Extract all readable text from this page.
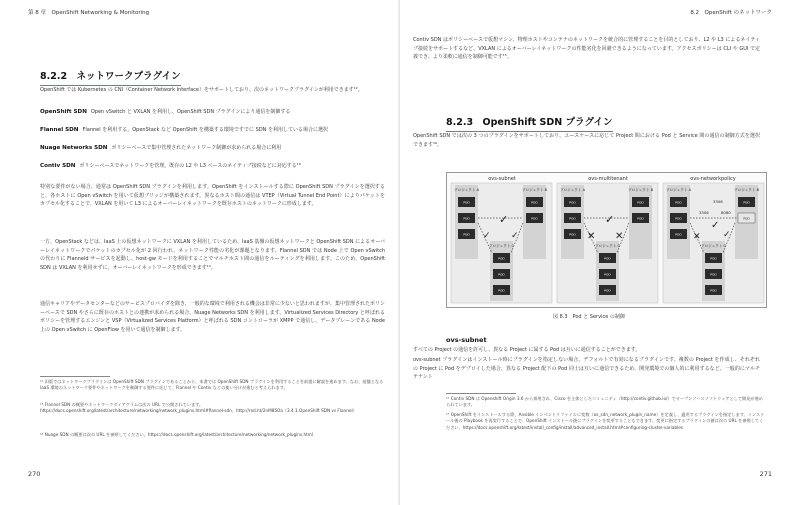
第 8 章　OpenShift Networking & Monitoring
8.2.2　ネットワークプラグイン
OpenShift では Kubernetes の CNI（Container Network Interface）をサポートしており、次のネットワークプラグインが利用できます¹²。
OpenShift SDN Open vSwitch と VXLAN を利用し、OpenShift SDN プラグインにより通信を制御する
Flannel SDN Flannel を利用する。OpenStack など OpenShift を構築する環境ですでに SDN を利用している場合に選択
Nuage Networks SDN ポリシーベースで集中管理されたネットワーク制御が求められる場合に利用
Contiv SDN ポリシーベースでネットワークを管理。既存の L2 や L3 ベースのネイティブ接続などに対応する¹³
特別な要件がない場合、通常は OpenShift SDN プラグインを利用します。OpenShift をインストールする際に OpenShift SDN プラグインを選択すると、各ホストに Open vSwitch を用いて仮想ブリッジが構築されます。異なるホスト間の通信は VTEP（Virtual Tunnel End Point）によりパケットをカプセル化することで、VXLAN を用いて L3 によるオーバーレイネットワークを既存ホストのネットワークに形成します。
一方、OpenStack などは、IaaS 上の仮想ネットワークに VXLAN を利用しているため、IaaS 基盤の仮想ネットワークと OpenShift SDN によるオーバーレイネットワークでパケットのカプセル化が 2 回行われ、ネットワーク性能の劣化が課題となります。Flannel SDN では Node 上で Open vSwitch の代わりに Flanneld サービスを起動し、host-gw モードを利用することでマルチホスト間の通信をルーティングを利用します。このため、OpenShift SDN は VXLAN を利用せずに、オーバーレイネットワークを形成できます¹⁴。
通信キャリアやデータセンターなどのサービスプロバイダを除き、一般的な環境で利用される機会は非常に少ないと思われますが、集中管理されたポリシーベースで SDN やさらに既存のホストとの連携が求められる場合、Nuage Networks SDN を利用します。Virtualized Services Directory と呼ばれるポリシーを管理するエンジンと VSP（Virtualized Services Platform）と呼ばれる SDN コントローラが XMPP で通信し、データプレーンである Node 上の Open vSwitch に OpenFlow を用いて通信を制御します。
¹² 旧版ではネットワークプラグインは OpenShift SDN プラグインであることから、本書では OpenShift SDN プラグインを利用することを前提に解説を進めます。なお、基盤となる IaaS 環境のネットワーク要件やネットワークを制御する要件に応じて、Flannel や Contiv などの使い分けが進むと考えられます。
¹³ Flannel SDN の概要やネットワークダイアグラムは次の URL で公開されています。https://docs.openshift.org/latest/architecture/networking/network_plugins.html#flannel-sdn、http://red.ht/2nM85Oa（3.4.1.OpenShift SDN vs Flannel）
¹⁴ Nuage SDN の概要は次の URL を参照してください。https://docs.openshift.org/latest/architecture/networking/network_plugins.html
270
8.2　OpenShift のネットワーク
271
Contiv SDN はポリシーベースで仮想マシン、物理ホストやコンテナのネットワークを統合的に管理することを目的としており、L2 や L3 によるネイティブ接続をサポートするなど、VXLAN によるオーバーレイネットワークの性能劣化を回避できるようになっています。アクセスポリシーは CLI や GUI で定義でき、より柔軟に通信を制御可能です¹⁵。
8.2.3　OpenShift SDN プラグイン
OpenShift SDN では次の 3 つのプラグインをサポートしており、ユースケースに応じて Project 間における Pod と Service 間の通信の制御方式を選択できます¹⁶。
ovs-subnet
プロジェクト A
POD
POD
POD
プロジェクト B
POD
POD
プロジェクト C
POD
POD
POD
✓
✓ ✓
ovs-multitenant
プロジェクト A
POD
POD
POD
プロジェクト B
POD
POD
プロジェクト C
POD
POD
POD
✓
✕ ✕
ovs-networkpolicy
プロジェクト A
POD
POD
POD
プロジェクト B
POD
POD
プロジェクト C
POD
POD
POD
3306
3306	8080
✓
✕ ✓
図 8.3　Pod と Service の制御
ovs-subnet
すべての Project の通信を許可し、異なる Project に属する Pod は互いに通信することができます。
ovs-subnet プラグインはインストール時にプラグインを指定しない場合、デフォルトで有効になるプラグインです。複数の Project を作成し、それぞれの Project に Pod をデプロイした場合、異なる Project 配下の Pod 同士は互いに通信できるため、開発環境での個人的に利用するなど、一般的にマルチテナント
¹⁵ Contiv SDN は Openshift Origin 3.6 から採用され、Cisco を主体としたコミュニティ（http://contiv.github.io/）でオープンソースソフトウェアとして開発が進められています。
¹⁶ OpenShift をインストールする際、Ansible インベントリファイルに変数（os_sdn_network_plugin_name）を定義し、適用するプラグインを指定します。インストール後の Playbook を再実行することで、OpenShift インストール後にプラグインを変更することもできます。変更に指定するプラグインの値は次の URL を参照してください。https://docs.openshift.org/latest/install_config/install/advanced_install.html#configuring-cluster-variables
